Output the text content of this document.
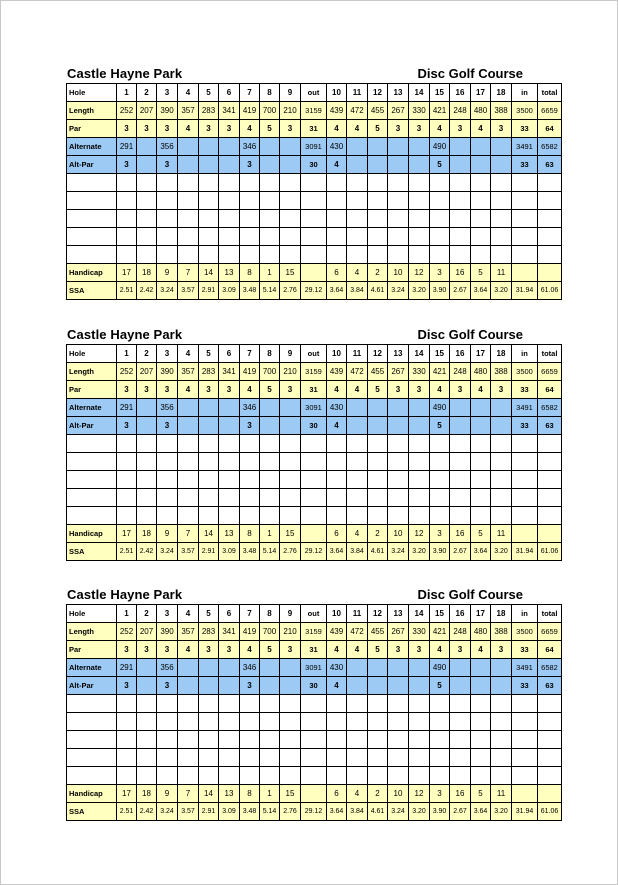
Castle Hayne Park	Disc Golf Course
Hole	1	2	3	4	5	6	7	8	9	out	10	11	12	13	14	15	16	17	18	in	total
Length	252	207	390	357	283	341	419	700	210	3159	439	472	455	267	330	421	248	480	388	3500	6659
Par	3	3	3	4	3	3	4	5	3	31	4	4	5	3	3	4	3	4	3	33	64
Alternate	291		356				346			3091	430					490				3491	6582
Alt-Par	3		3				3			30	4					5				33	63

Handicap	17	18	9	7	14	13	8	1	15		6	4	2	10	12	3	16	5	11		
SSA	2.51	2.42	3.24	3.57	2.91	3.09	3.48	5.14	2.76	29.12	3.64	3.84	4.61	3.24	3.20	3.90	2.67	3.64	3.20	31.94	61.06
Castle Hayne Park	Disc Golf Course
Hole	1	2	3	4	5	6	7	8	9	out	10	11	12	13	14	15	16	17	18	in	total
Length	252	207	390	357	283	341	419	700	210	3159	439	472	455	267	330	421	248	480	388	3500	6659
Par	3	3	3	4	3	3	4	5	3	31	4	4	5	3	3	4	3	4	3	33	64
Alternate	291		356				346			3091	430					490				3491	6582
Alt-Par	3		3				3			30	4					5				33	63

Handicap	17	18	9	7	14	13	8	1	15		6	4	2	10	12	3	16	5	11		
SSA	2.51	2.42	3.24	3.57	2.91	3.09	3.48	5.14	2.76	29.12	3.64	3.84	4.61	3.24	3.20	3.90	2.67	3.64	3.20	31.94	61.06
Castle Hayne Park	Disc Golf Course
Hole	1	2	3	4	5	6	7	8	9	out	10	11	12	13	14	15	16	17	18	in	total
Length	252	207	390	357	283	341	419	700	210	3159	439	472	455	267	330	421	248	480	388	3500	6659
Par	3	3	3	4	3	3	4	5	3	31	4	4	5	3	3	4	3	4	3	33	64
Alternate	291		356				346			3091	430					490				3491	6582
Alt-Par	3		3				3			30	4					5				33	63

Handicap	17	18	9	7	14	13	8	1	15		6	4	2	10	12	3	16	5	11		
SSA	2.51	2.42	3.24	3.57	2.91	3.09	3.48	5.14	2.76	29.12	3.64	3.84	4.61	3.24	3.20	3.90	2.67	3.64	3.20	31.94	61.06
